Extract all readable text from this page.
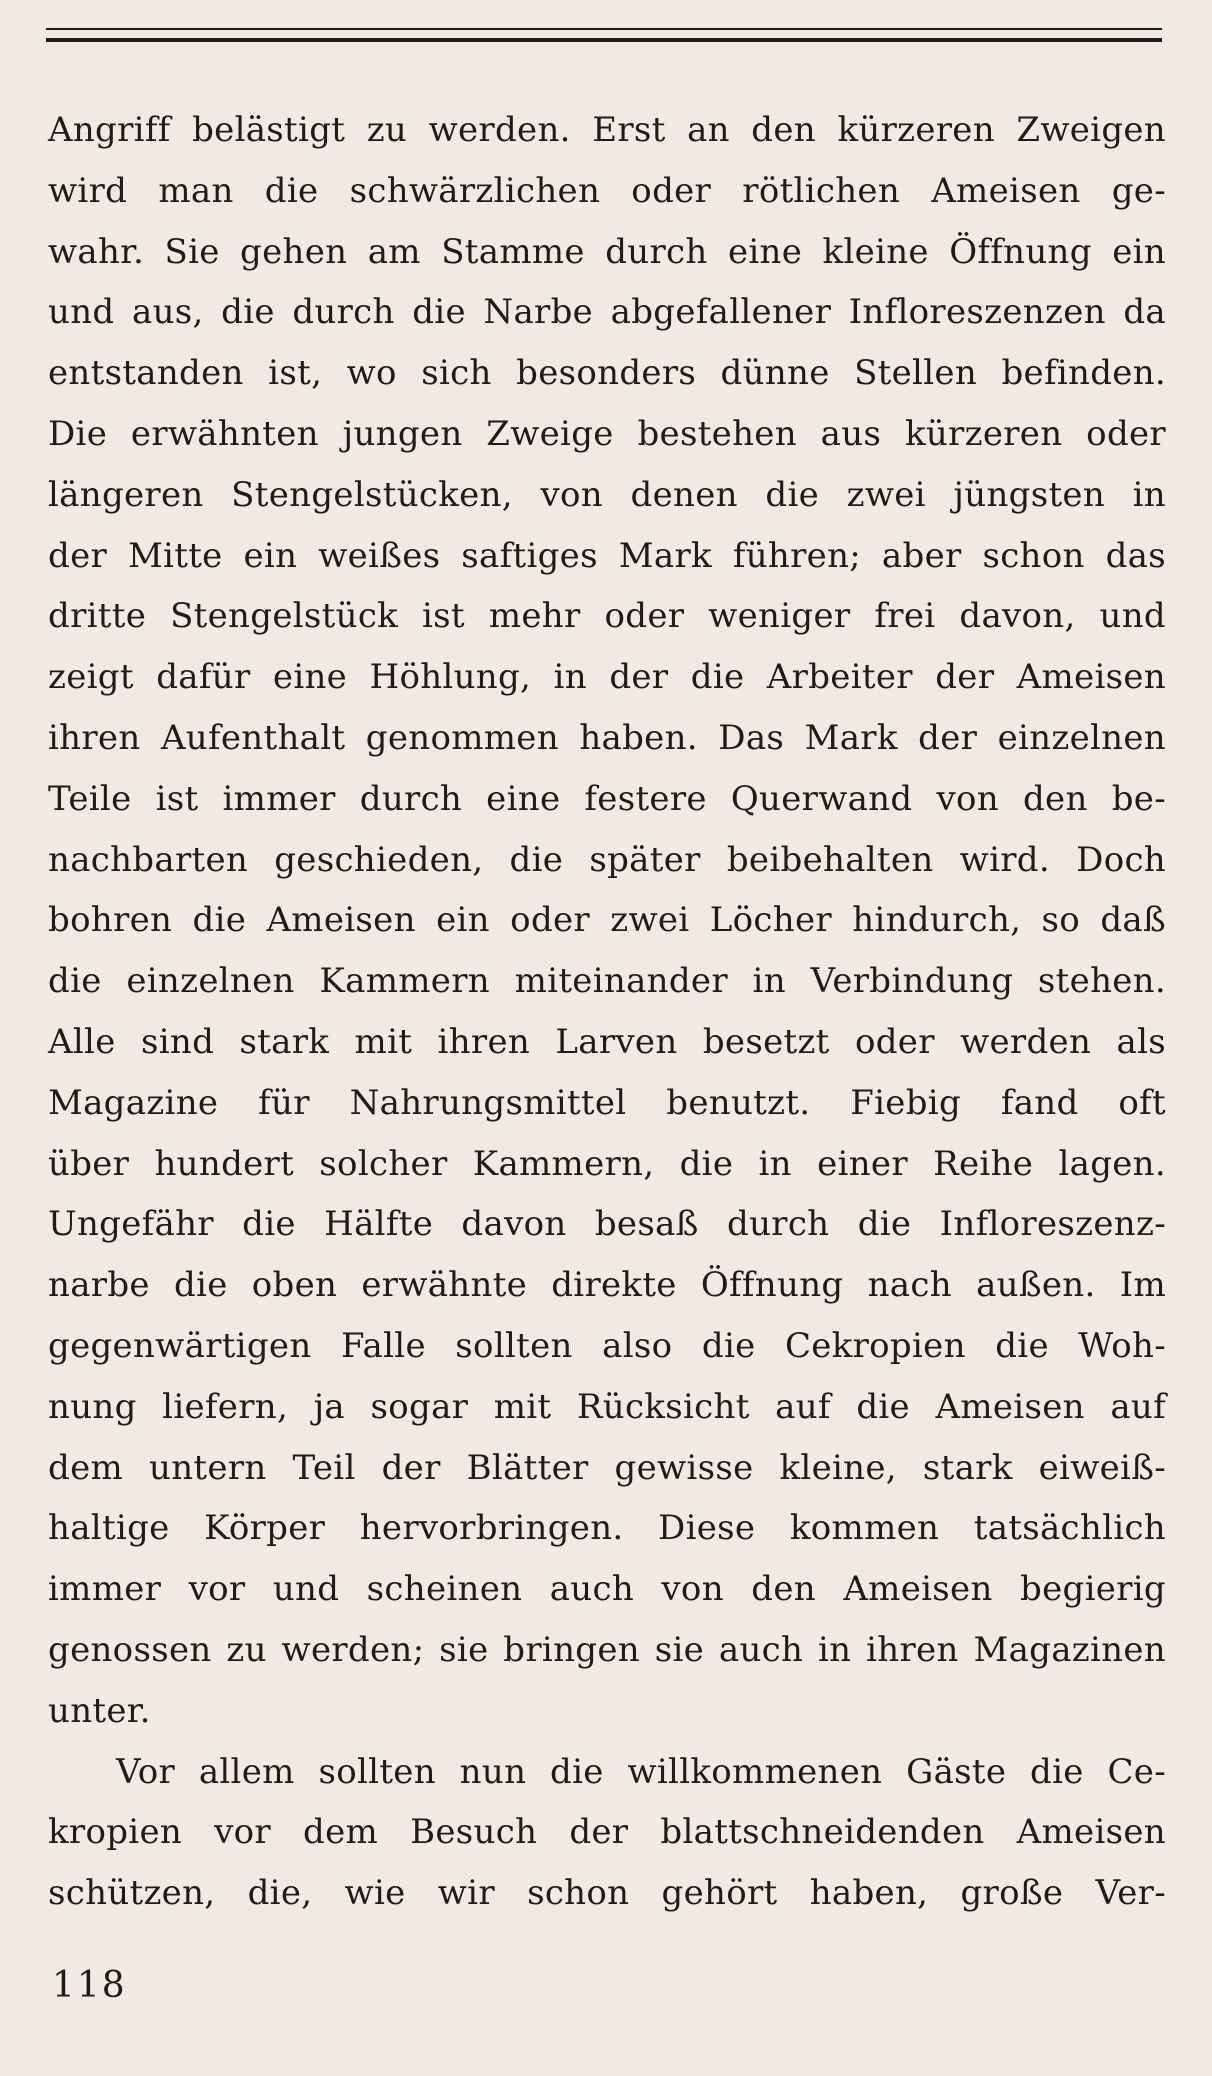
Angriff belästigt zu werden. Erst an den kürzeren Zweigen
wird man die schwärzlichen oder rötlichen Ameisen ge-
wahr. Sie gehen am Stamme durch eine kleine Öffnung ein
und aus, die durch die Narbe abgefallener Infloreszenzen da
entstanden ist, wo sich besonders dünne Stellen befinden.
Die erwähnten jungen Zweige bestehen aus kürzeren oder
längeren Stengelstücken, von denen die zwei jüngsten in
der Mitte ein weißes saftiges Mark führen; aber schon das
dritte Stengelstück ist mehr oder weniger frei davon, und
zeigt dafür eine Höhlung, in der die Arbeiter der Ameisen
ihren Aufenthalt genommen haben. Das Mark der einzelnen
Teile ist immer durch eine festere Querwand von den be-
nachbarten geschieden, die später beibehalten wird. Doch
bohren die Ameisen ein oder zwei Löcher hindurch, so daß
die einzelnen Kammern miteinander in Verbindung stehen.
Alle sind stark mit ihren Larven besetzt oder werden als
Magazine für Nahrungsmittel benutzt. Fiebig fand oft
über hundert solcher Kammern, die in einer Reihe lagen.
Ungefähr die Hälfte davon besaß durch die Infloreszenz-
narbe die oben erwähnte direkte Öffnung nach außen. Im
gegenwärtigen Falle sollten also die Cekropien die Woh-
nung liefern, ja sogar mit Rücksicht auf die Ameisen auf
dem untern Teil der Blätter gewisse kleine, stark eiweiß-
haltige Körper hervorbringen. Diese kommen tatsächlich
immer vor und scheinen auch von den Ameisen begierig
genossen zu werden; sie bringen sie auch in ihren Magazinen
unter.
Vor allem sollten nun die willkommenen Gäste die Ce-
kropien vor dem Besuch der blattschneidenden Ameisen
schützen, die, wie wir schon gehört haben, große Ver-
118
